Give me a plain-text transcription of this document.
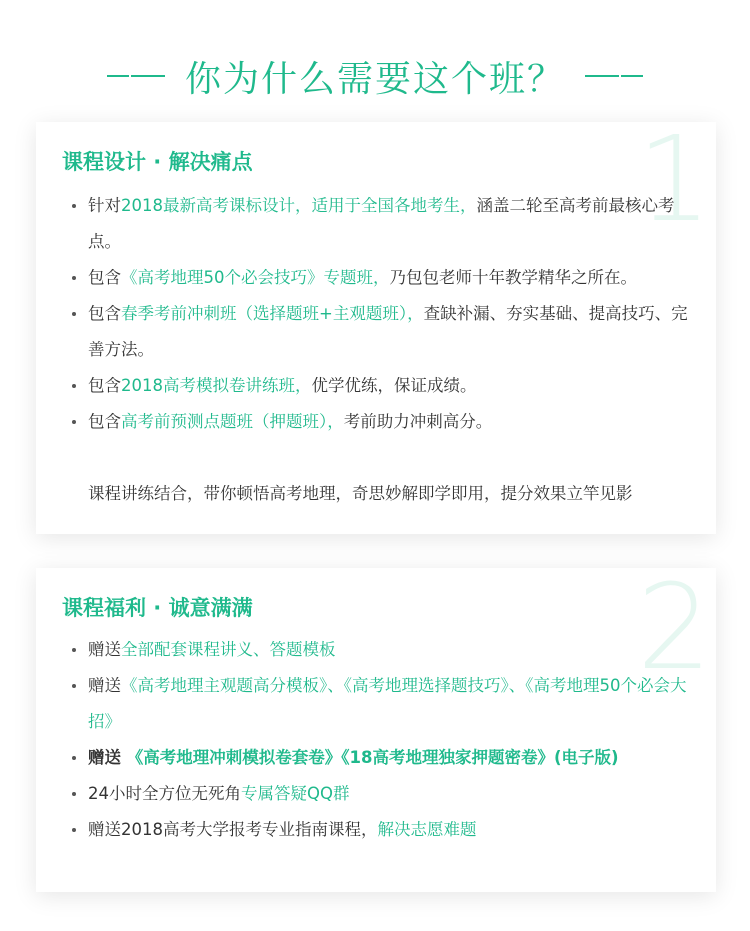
你为什么需要这个班？
1
课程设计 · 解决痛点
针对2018最新高考课标设计，适用于全国各地考生，涵盖二轮至高考前最核心考点。
包含《高考地理50个必会技巧》专题班，乃包包老师十年教学精华之所在。
包含春季考前冲刺班（选择题班+主观题班），查缺补漏、夯实基础、提高技巧、完善方法。
包含2018高考模拟卷讲练班，优学优练，保证成绩。
包含高考前预测点题班（押题班），考前助力冲刺高分。
课程讲练结合，带你顿悟高考地理，奇思妙解即学即用，提分效果立竿见影
2
课程福利 · 诚意满满
赠送全部配套课程讲义、答题模板
赠送《高考地理主观题高分模板》、《高考地理选择题技巧》、《高考地理50个必会大招》
赠送 《高考地理冲刺模拟卷套卷》《18高考地理独家押题密卷》(电子版)
24小时全方位无死角专属答疑QQ群
赠送2018高考大学报考专业指南课程，解决志愿难题
